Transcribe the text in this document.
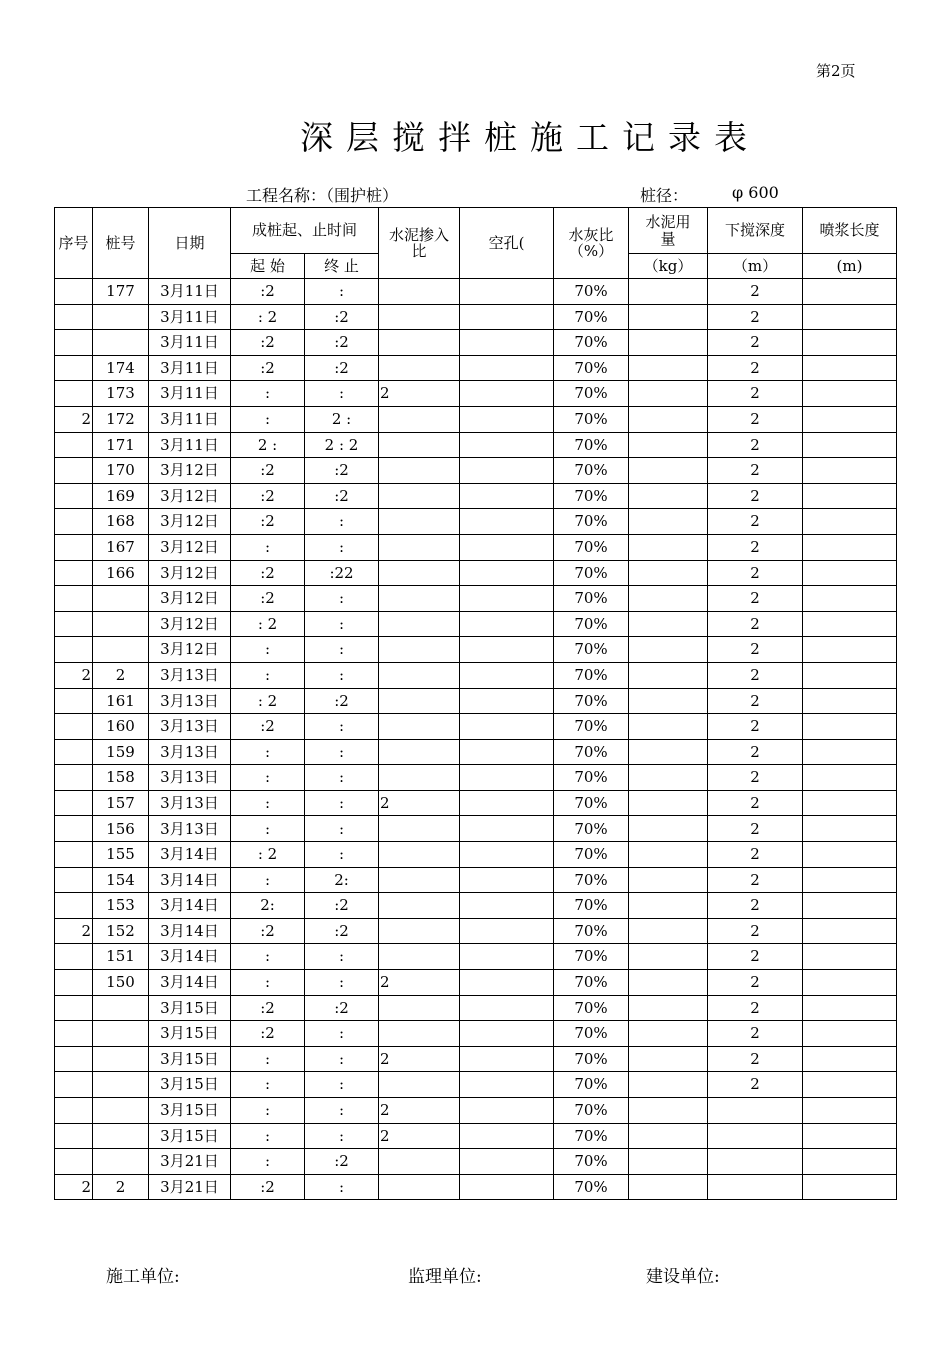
第2页
深层搅拌桩施工记录表
工程名称：（围护桩）	桩径：	φ 600
序号	桩号	日期	成桩起、止时间		水泥掺入比	空孔(	水灰比（%）	水泥用量	下搅深度	喷浆长度
			起 始	终 止				（kg）	（m）	(m)
	177	3月11日	:2	:			70%		2	
		3月11日	: 2	:2			70%		2	
		3月11日	:2	:2			70%		2	
	174	3月11日	:2	:2			70%		2	
	173	3月11日	:	:	2		70%		2	
2	172	3月11日	:	2 :			70%		2	
	171	3月11日	2 :	2 : 2			70%		2	
	170	3月12日	:2	:2			70%		2	
	169	3月12日	:2	:2			70%		2	
	168	3月12日	:2	:			70%		2	
	167	3月12日	:	:			70%		2	
	166	3月12日	:2	:22			70%		2	
		3月12日	:2	:			70%		2	
		3月12日	: 2	:			70%		2	
		3月12日	:	:			70%		2	
2	2	3月13日	:	:			70%		2	
	161	3月13日	: 2	:2			70%		2	
	160	3月13日	:2	:			70%		2	
	159	3月13日	:	:			70%		2	
	158	3月13日	:	:			70%		2	
	157	3月13日	:	:	2		70%		2	
	156	3月13日	:	:			70%		2	
	155	3月14日	: 2	:			70%		2	
	154	3月14日	:	2:			70%		2	
	153	3月14日	2:	:2			70%		2	
2	152	3月14日	:2	:2			70%		2	
	151	3月14日	:	:			70%		2	
	150	3月14日	:	:	2		70%		2	
		3月15日	:2	:2			70%		2	
		3月15日	:2	:			70%		2	
		3月15日	:	:	2		70%		2	
		3月15日	:	:			70%		2	
		3月15日	:	:	2		70%			
		3月15日	:	:	2		70%			
		3月21日	:	:2			70%			
2	2	3月21日	:2	:			70%			
施工单位:	监理单位:	建设单位:
